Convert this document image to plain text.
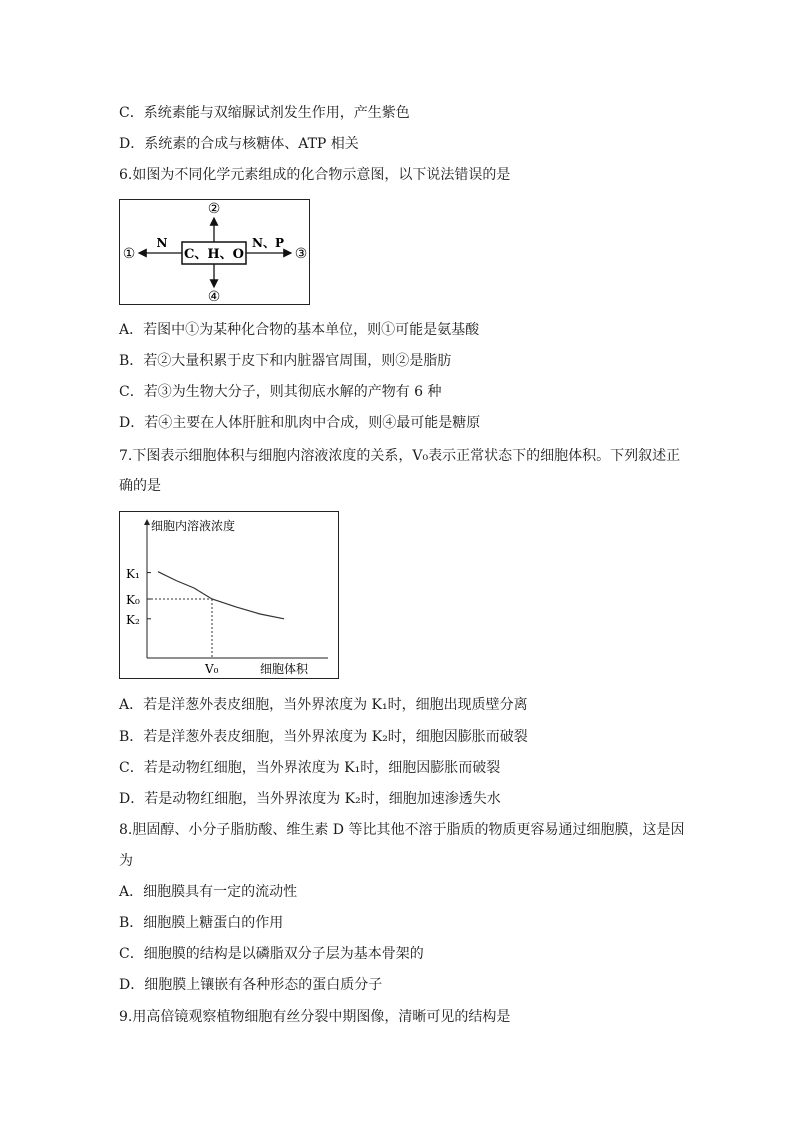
C．系统素能与双缩脲试剂发生作用，产生紫色
D．系统素的合成与核糖体、ATP 相关
6.如图为不同化学元素组成的化合物示意图，以下说法错误的是
C、H、O
N
①
N、P
③
②
④
A．若图中①为某种化合物的基本单位，则①可能是氨基酸
B．若②大量积累于皮下和内脏器官周围，则②是脂肪
C．若③为生物大分子，则其彻底水解的产物有 6 种
D．若④主要在人体肝脏和肌肉中合成，则④最可能是糖原
7.下图表示细胞体积与细胞内溶液浓度的关系，V₀表示正常状态下的细胞体积。下列叙述正
确的是
细胞内溶液浓度
细胞体积
V₀
K₁
K₀
K₂
A．若是洋葱外表皮细胞，当外界浓度为 K₁时，细胞出现质壁分离
B．若是洋葱外表皮细胞，当外界浓度为 K₂时，细胞因膨胀而破裂
C．若是动物红细胞，当外界浓度为 K₁时，细胞因膨胀而破裂
D．若是动物红细胞，当外界浓度为 K₂时，细胞加速渗透失水
8.胆固醇、小分子脂肪酸、维生素 D 等比其他不溶于脂质的物质更容易通过细胞膜，这是因
为
A．细胞膜具有一定的流动性
B．细胞膜上糖蛋白的作用
C．细胞膜的结构是以磷脂双分子层为基本骨架的
D．细胞膜上镶嵌有各种形态的蛋白质分子
9.用高倍镜观察植物细胞有丝分裂中期图像，清晰可见的结构是
